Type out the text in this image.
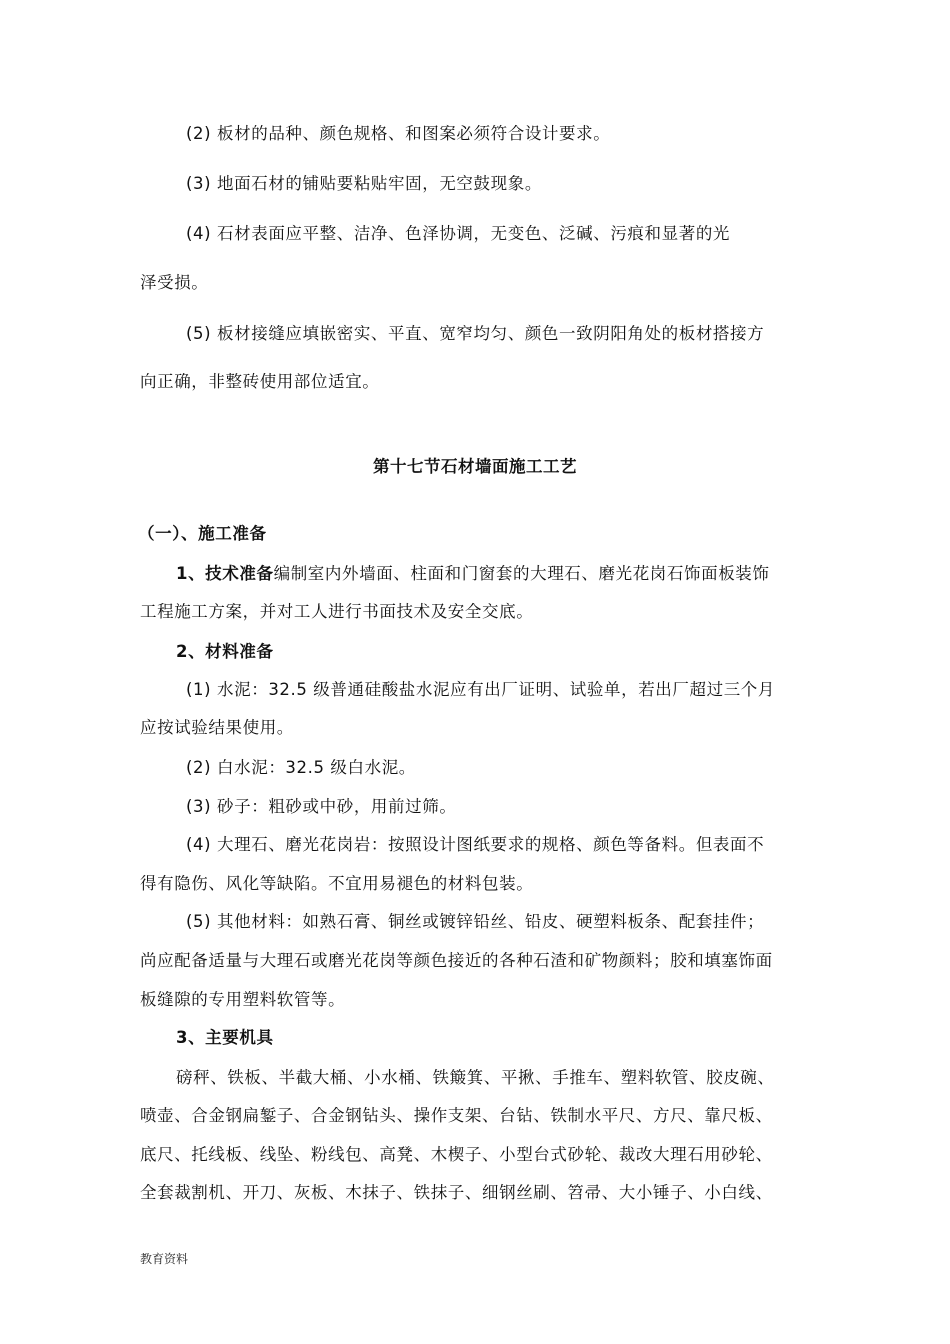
(2) 板材的品种、颜色规格、和图案必须符合设计要求。
(3) 地面石材的铺贴要粘贴牢固，无空鼓现象。
(4) 石材表面应平整、洁净、色泽协调，无变色、泛碱、污痕和显著的光
泽受损。
(5) 板材接缝应填嵌密实、平直、宽窄均匀、颜色一致阴阳角处的板材搭接方
向正确，非整砖使用部位适宜。
第十七节石材墙面施工工艺
（一）、施工准备
1、技术准备编制室内外墙面、柱面和门窗套的大理石、磨光花岗石饰面板装饰
工程施工方案，并对工人进行书面技术及安全交底。
2、材料准备
(1) 水泥：32.5 级普通硅酸盐水泥应有出厂证明、试验单，若出厂超过三个月
应按试验结果使用。
(2) 白水泥：32.5 级白水泥。
(3) 砂子：粗砂或中砂，用前过筛。
(4) 大理石、磨光花岗岩：按照设计图纸要求的规格、颜色等备料。但表面不
得有隐伤、风化等缺陷。不宜用易褪色的材料包装。
(5) 其他材料：如熟石膏、铜丝或镀锌铅丝、铅皮、硬塑料板条、配套挂件；
尚应配备适量与大理石或磨光花岗等颜色接近的各种石渣和矿物颜料；胶和填塞饰面
板缝隙的专用塑料软管等。
3、主要机具
磅秤、铁板、半截大桶、小水桶、铁簸箕、平揪、手推车、塑料软管、胶皮碗、
喷壶、合金钢扁錾子、合金钢钻头、操作支架、台钻、铁制水平尺、方尺、靠尺板、
底尺、托线板、线坠、粉线包、高凳、木楔子、小型台式砂轮、裁改大理石用砂轮、
全套裁割机、开刀、灰板、木抹子、铁抹子、细钢丝刷、笤帚、大小锤子、小白线、
教育资料
